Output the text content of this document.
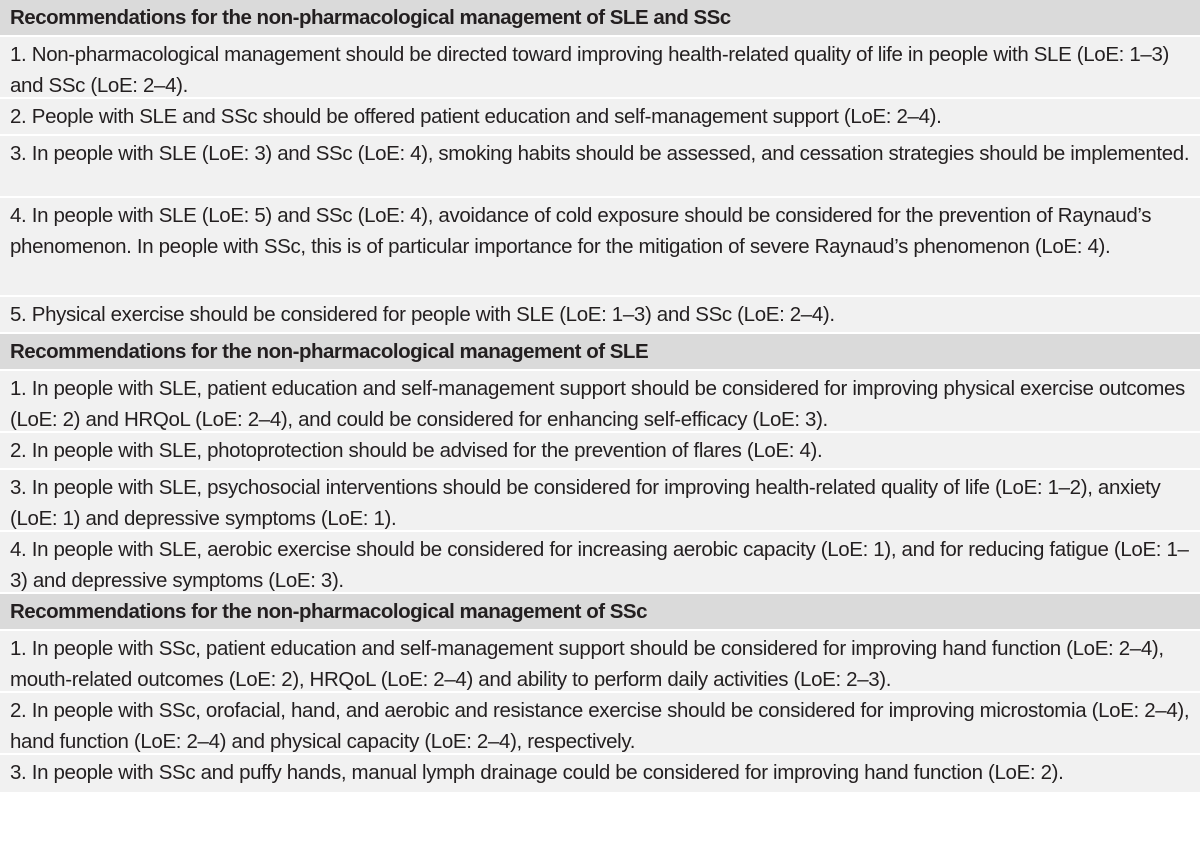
Recommendations for the non-pharmacological management of SLE and SSc
1. Non-pharmacological management should be directed toward improving health-related quality of life in people with SLE (LoE: 1–3) and SSc (LoE: 2–4).
2. People with SLE and SSc should be offered patient education and self-management support (LoE: 2–4).
3. In people with SLE (LoE: 3) and SSc (LoE: 4), smoking habits should be assessed, and cessation strategies should be implemented.
4. In people with SLE (LoE: 5) and SSc (LoE: 4), avoidance of cold exposure should be considered for the prevention of Raynaud’s phenomenon. In people with SSc, this is of particular importance for the mitigation of severe Raynaud’s phenomenon (LoE: 4).
5. Physical exercise should be considered for people with SLE (LoE: 1–3) and SSc (LoE: 2–4).
Recommendations for the non-pharmacological management of SLE
1. In people with SLE, patient education and self-management support should be considered for improving physical exercise outcomes (LoE: 2) and HRQoL (LoE: 2–4), and could be considered for enhancing self-efficacy (LoE: 3).
2. In people with SLE, photoprotection should be advised for the prevention of flares (LoE: 4).
3. In people with SLE, psychosocial interventions should be considered for improving health-related quality of life (LoE: 1–2), anxiety (LoE: 1) and depressive symptoms (LoE: 1).
4. In people with SLE, aerobic exercise should be considered for increasing aerobic capacity (LoE: 1), and for reducing fatigue (LoE: 1–3) and depressive symptoms (LoE: 3).
Recommendations for the non-pharmacological management of SSc
1. In people with SSc, patient education and self-management support should be considered for improving hand function (LoE: 2–4), mouth-related outcomes (LoE: 2), HRQoL (LoE: 2–4) and ability to perform daily activities (LoE: 2–3).
2. In people with SSc, orofacial, hand, and aerobic and resistance exercise should be considered for improving microstomia (LoE: 2–4), hand function (LoE: 2–4) and physical capacity (LoE: 2–4), respectively.
3. In people with SSc and puffy hands, manual lymph drainage could be considered for improving hand function (LoE: 2).
